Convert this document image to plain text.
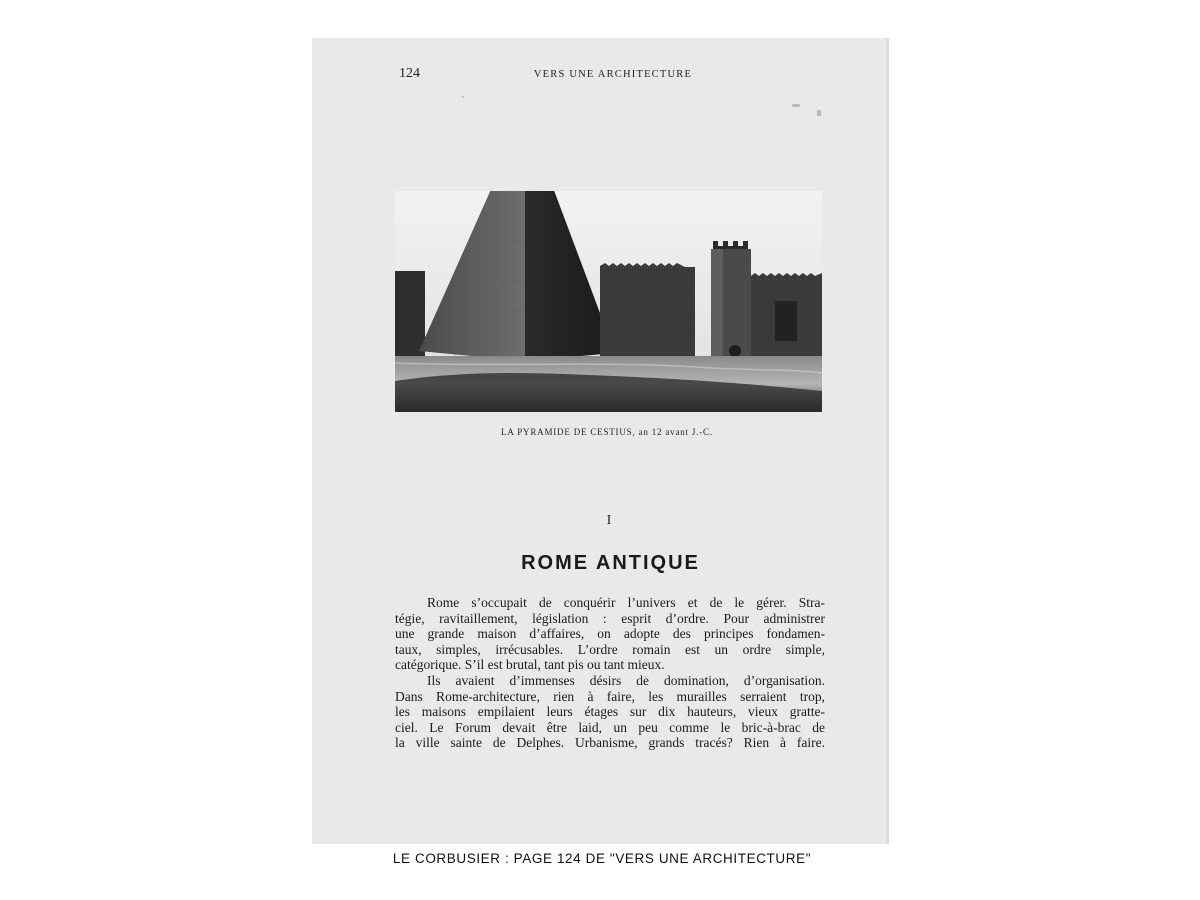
124	VERS UNE ARCHITECTURE
LA PYRAMIDE DE CESTIUS, an 12 avant J.-C.
I
ROME ANTIQUE
Rome s’occupait de conquérir l’univers et de le gérer. Stra-
tégie, ravitaillement, législation : esprit d’ordre. Pour administrer
une grande maison d’affaires, on adopte des principes fondamen-
taux, simples, irrécusables. L’ordre romain est un ordre simple,
catégorique. S’il est brutal, tant pis ou tant mieux.
Ils avaient d’immenses désirs de domination, d’organisation.
Dans Rome-architecture, rien à faire, les murailles serraient trop,
les maisons empilaient leurs étages sur dix hauteurs, vieux gratte-
ciel. Le Forum devait être laid, un peu comme le bric-à-brac de
la ville sainte de Delphes. Urbanisme, grands tracés? Rien à faire.
LE CORBUSIER : PAGE 124 DE "VERS UNE ARCHITECTURE"
